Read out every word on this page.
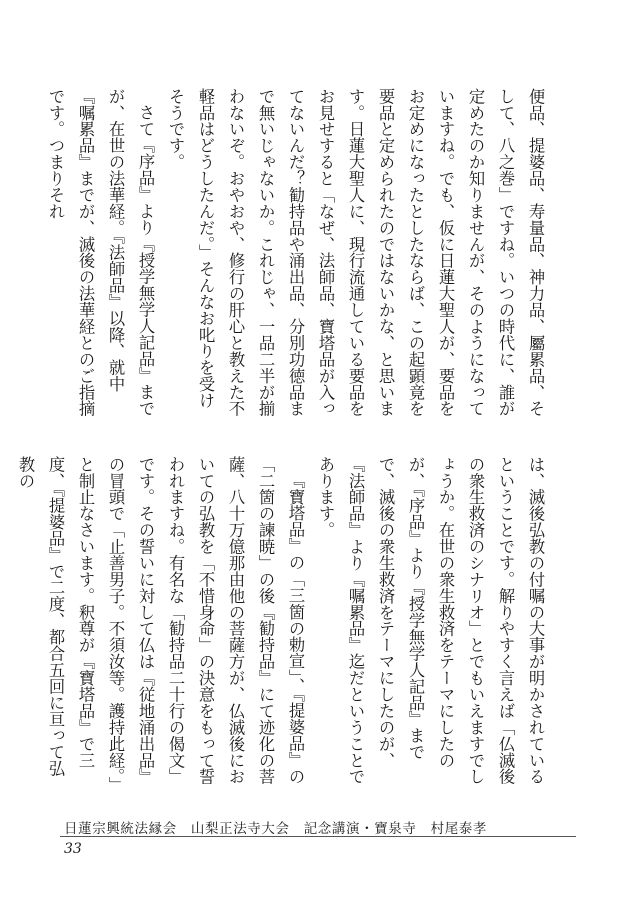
便品、提婆品、寿量品、神力品、屬累品、そして、八之巻」ですね。いつの時代に、誰が定めたのか知りませんが、そのようになっていますね。でも、仮に日蓮大聖人が、要品をお定めになったとしたならば、この起顕竟を要品と定められたのではないかな、と思います。日蓮大聖人に、現行流通している要品をお見せすると「なぜ、法師品、寶塔品が入ってないんだ？勧持品や涌出品、分別功徳品まで無いじゃないか。これじゃ、一品二半が揃わないぞ。おやおや、修行の肝心と教えた不軽品はどうしたんだ。」そんなお叱りを受けそうです。

さて『序品』より『授学無学人記品』までが、在世の法華経。『法師品』以降、就中『嘱累品』までが、滅後の法華経とのご指摘です。つまりそれ

は、滅後弘教の付嘱の大事が明かされているということです。解りやすく言えば「仏滅後の衆生救済のシナリオ」とでもいえますでしょうか。在世の衆生救済をテーマにしたのが、『序品』より『授学無学人記品』までで、滅後の衆生救済をテーマにしたのが、『法師品』より『嘱累品』迄だということであります。

『寶塔品』の「三箇の勅宣」、『提婆品』の「二箇の諫暁」の後『勧持品』にて迹化の菩薩、八十万億那由他の菩薩方が、仏滅後においての弘教を「不惜身命」の決意をもって誓われますね。有名な「勧持品二十行の偈文」です。その誓いに対して仏は『従地涌出品』の冒頭で「止善男子。不須汝等。護持此経。」と制止なさいます。釈尊が『寶塔品』で三度、『提婆品』で二度、都合五回に亘って弘教の

日蓮宗興統法縁会　山梨正法寺大会　記念講演・寶泉寺　村尾泰孝
33
